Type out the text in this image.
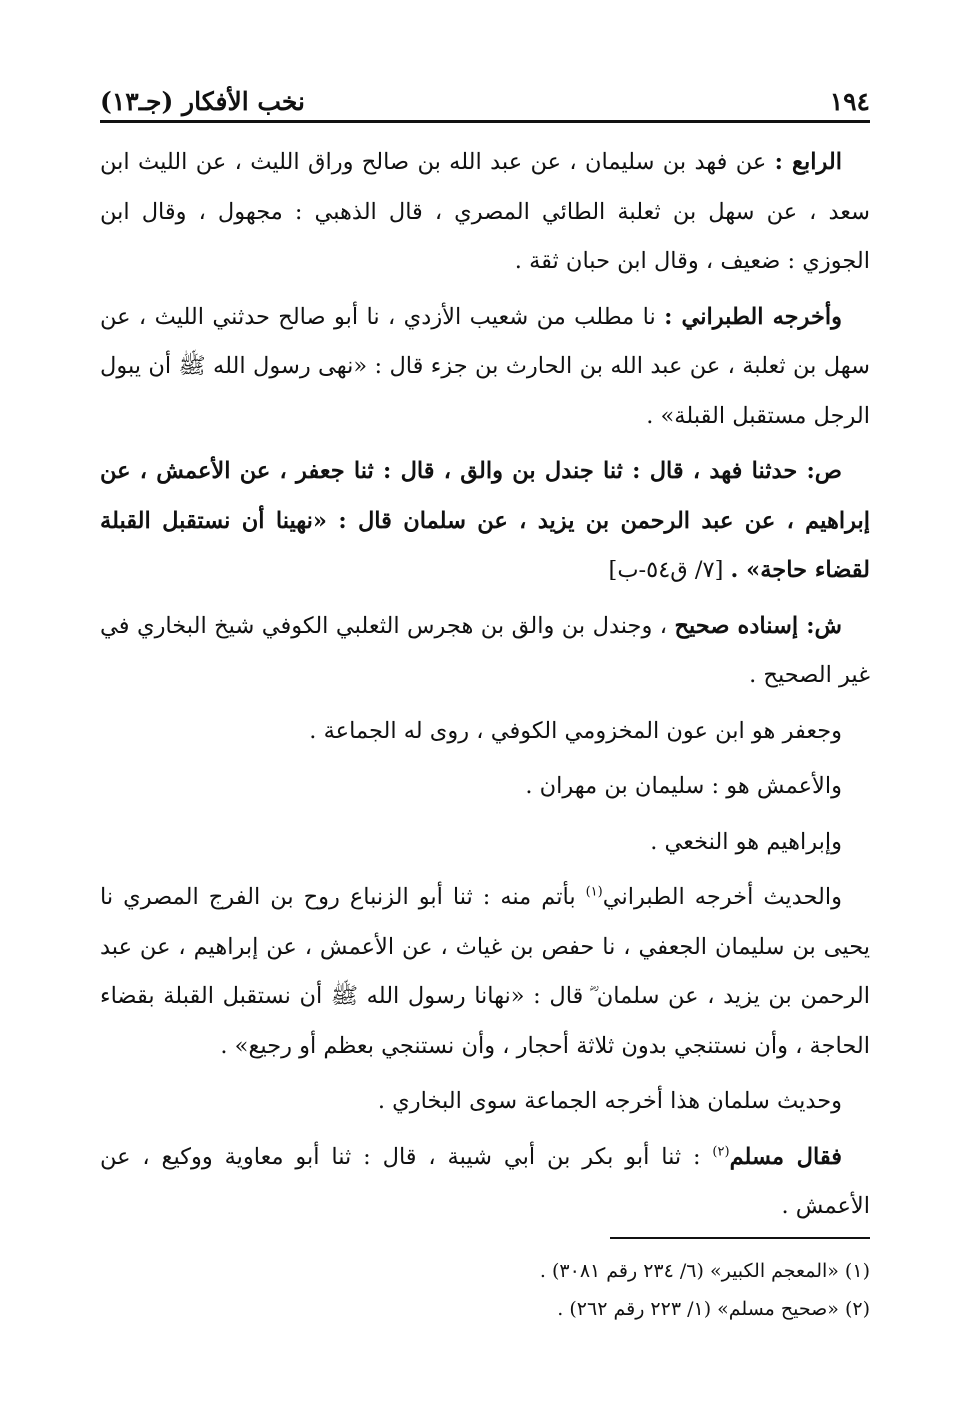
١٩٤
نخب الأفكار (جـ١٣)

الرابع : عن فهد بن سليمان ، عن عبد الله بن صالح وراق الليث ، عن الليث ابن سعد ، عن سهل بن ثعلبة الطائي المصري ، قال الذهبي : مجهول ، وقال ابن الجوزي : ضعيف ، وقال ابن حبان ثقة .

وأخرجه الطبراني : نا مطلب من شعيب الأزدي ، نا أبو صالح حدثني الليث ، عن سهل بن ثعلبة ، عن عبد الله بن الحارث بن جزء قال : «نهى رسول الله ﷺ أن يبول الرجل مستقبل القبلة» .

ص: حدثنا فهد ، قال : ثنا جندل بن والق ، قال : ثنا جعفر ، عن الأعمش ، عن إبراهيم ، عن عبد الرحمن بن يزيد ، عن سلمان قال : «نهينا أن نستقبل القبلة لقضاء حاجة» . [٧/ ق٥٤-ب]

ش: إسناده صحيح ، وجندل بن والق بن هجرس الثعلبي الكوفي شيخ البخاري في غير الصحيح .

وجعفر هو ابن عون المخزومي الكوفي ، روى له الجماعة .

والأعمش هو : سليمان بن مهران .

وإبراهيم هو النخعي .

والحديث أخرجه الطبراني$^{(١)}$ بأتم منه : ثنا أبو الزنباع روح بن الفرج المصري نا يحيى بن سليمان الجعفي ، نا حفص بن غياث ، عن الأعمش ، عن إبراهيم ، عن عبد الرحمن بن يزيد ، عن سلمان ؓ قال : «نهانا رسول الله ﷺ أن نستقبل القبلة بقضاء الحاجة ، وأن نستنجي بدون ثلاثة أحجار ، وأن نستنجي بعظم أو رجيع» .

وحديث سلمان هذا أخرجه الجماعة سوى البخاري .

فقال مسلم$^{(٢)}$ : ثنا أبو بكر بن أبي شيبة ، قال : ثنا أبو معاوية ووكيع ، عن الأعمش .

(١) «المعجم الكبير» (٦/ ٢٣٤ رقم ٣٠٨١) .

(٢) «صحيح مسلم» (١/ ٢٢٣ رقم ٢٦٢) .
